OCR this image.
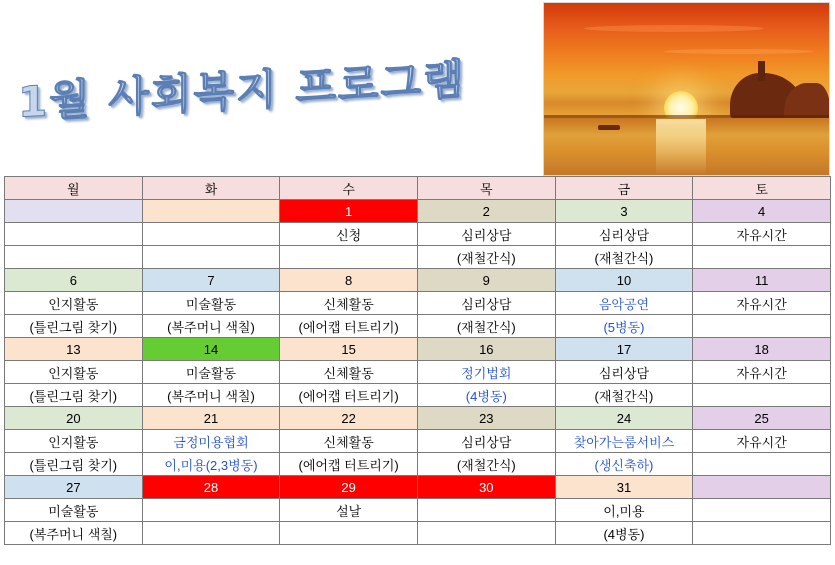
1월 사회복지 프로그램
월	화	수	목	금	토
		1	2	3	4
		신청	심리상담	심리상담	자유시간
			(재철간식)	(재철간식)	
6	7	8	9	10	11
인지활동	미술활동	신체활동	심리상담	음악공연	자유시간
(틀린그림 찾기)	(복주머니 색칠)	(에어캡 터트리기)	(재철간식)	(5병동)	
13	14	15	16	17	18
인지활동	미술활동	신체활동	정기법회	심리상담	자유시간
(틀린그림 찾기)	(복주머니 색칠)	(에어캡 터트리기)	(4병동)	(재철간식)	
20	21	22	23	24	25
인지활동	금정미용협회	신체활동	심리상담	찾아가는룸서비스	자유시간
(틀린그림 찾기)	이,미용(2,3병동)	(에어캡 터트리기)	(재철간식)	(생신축하)	
27	28	29	30	31	
미술활동		설날		이,미용	
(복주머니 색칠)				(4병동)	
